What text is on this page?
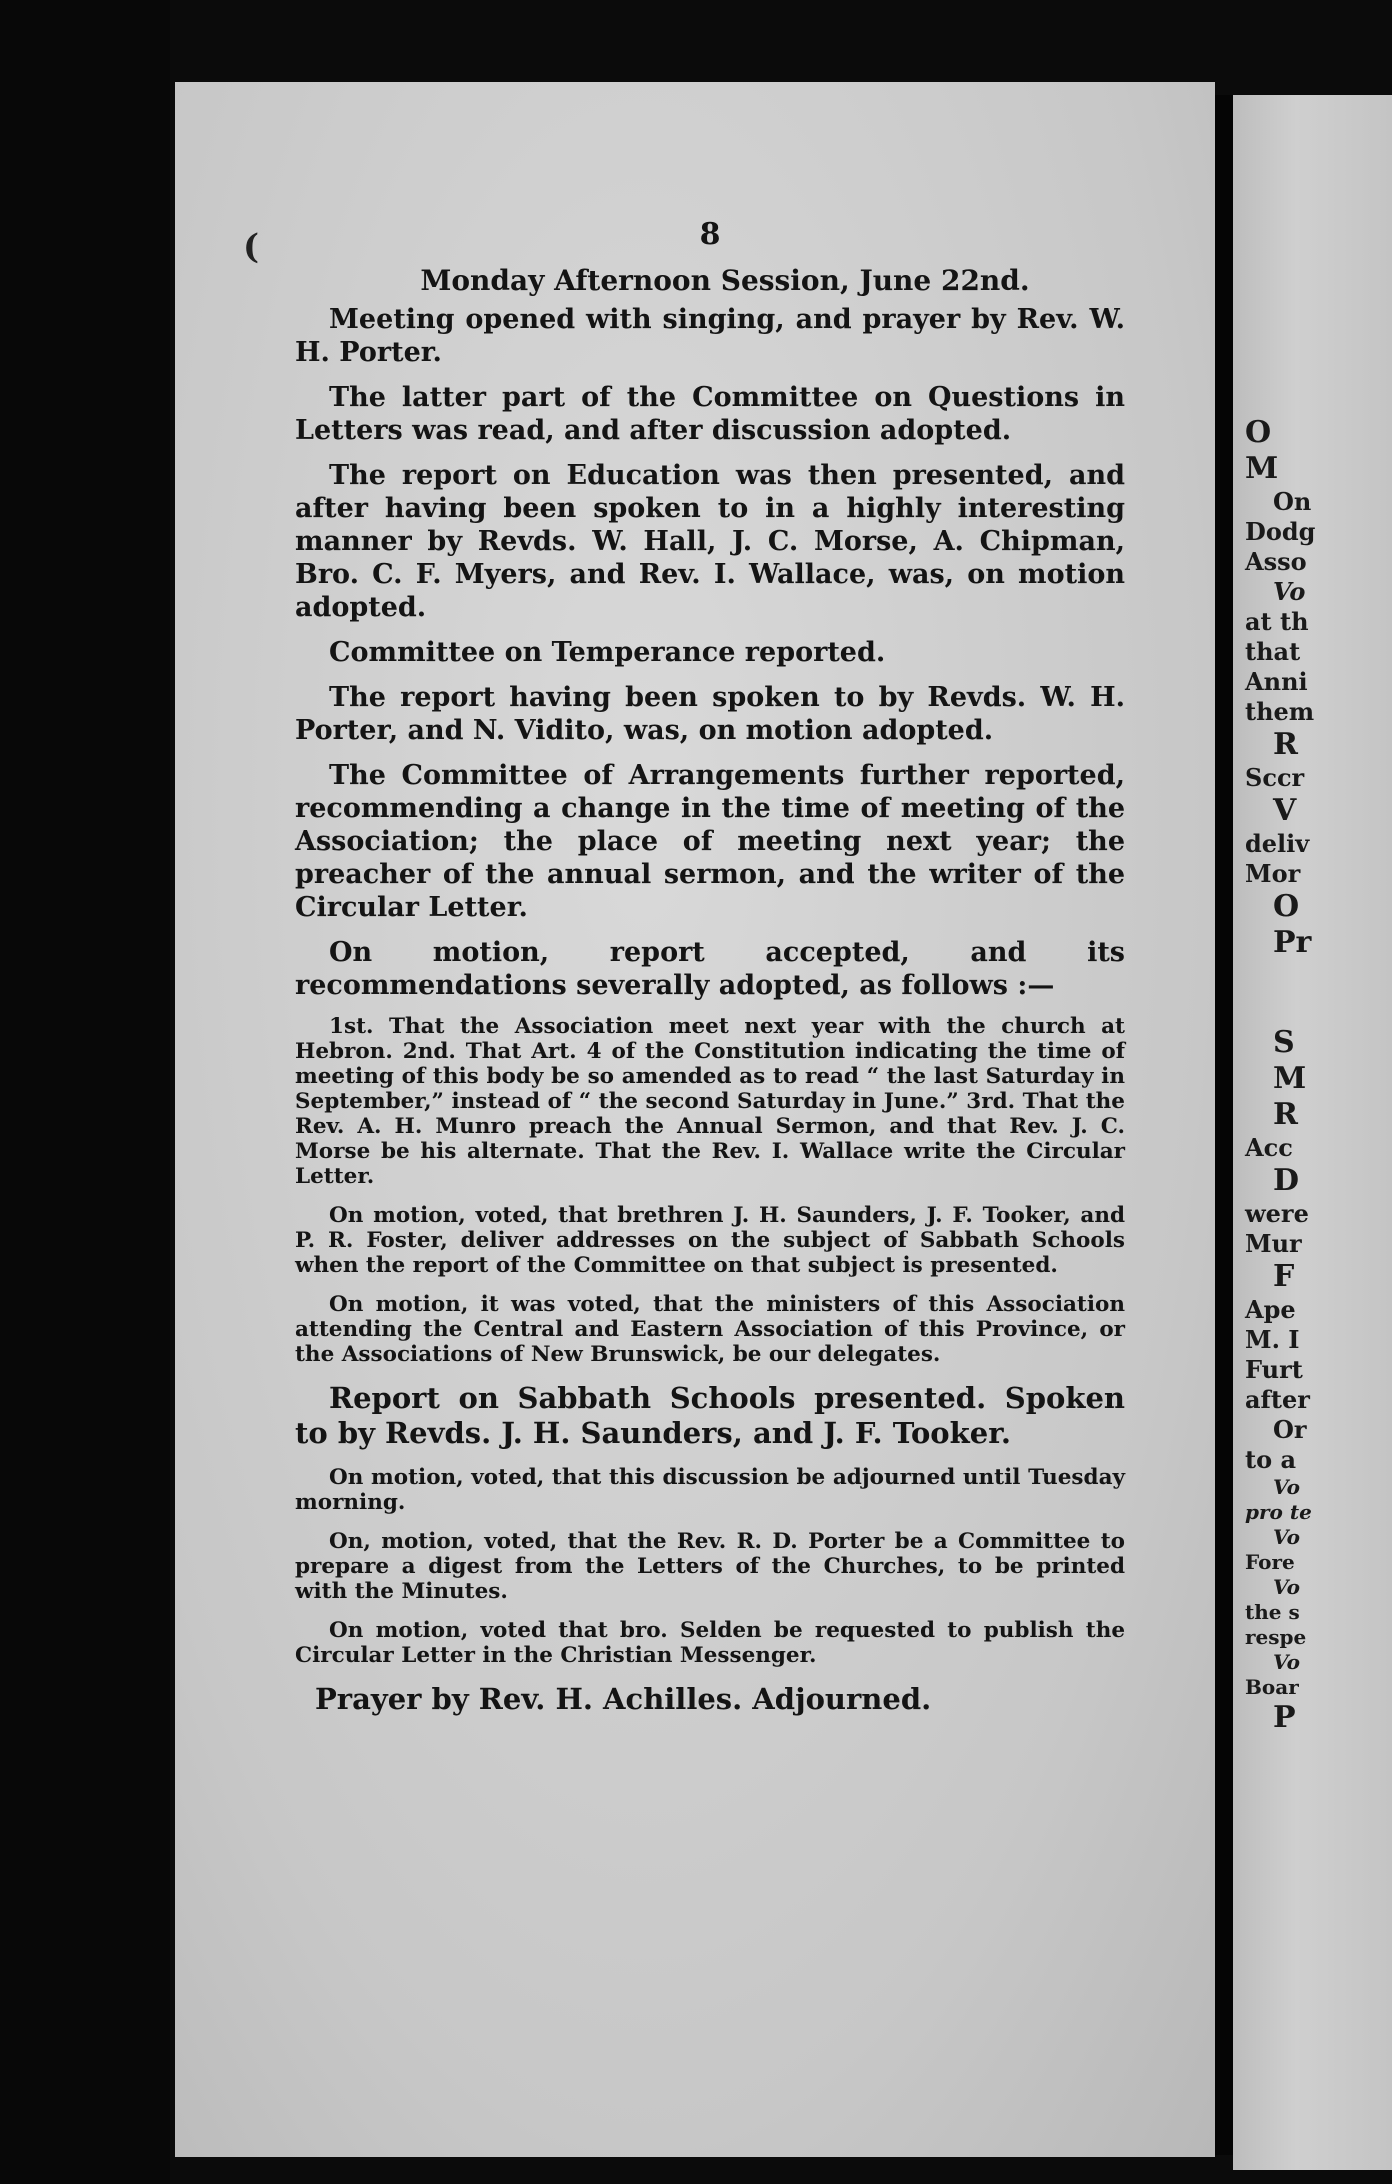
(	8
Monday Afternoon Session, June 22nd.

Meeting opened with singing, and prayer by Rev. W. H. Porter.

The latter part of the Committee on Questions in Letters was read, and after discussion adopted.

The report on Education was then presented, and after having been spoken to in a highly interesting manner by Revds. W. Hall, J. C. Morse, A. Chipman, Bro. C. F. Myers, and Rev. I. Wallace, was, on motion adopted.

Committee on Temperance reported.

The report having been spoken to by Revds. W. H. Porter, and N. Vidito, was, on motion adopted.

The Committee of Arrangements further reported, recommending a change in the time of meeting of the Association; the place of meeting next year; the preacher of the annual sermon, and the writer of the Circular Letter.

On motion, report accepted, and its recommendations severally adopted, as follows :—

1st. That the Association meet next year with the church at Hebron. 2nd. That Art. 4 of the Constitution indicating the time of meeting of this body be so amended as to read “ the last Saturday in September,” instead of “ the second Saturday in June.” 3rd. That the Rev. A. H. Munro preach the Annual Sermon, and that Rev. J. C. Morse be his alternate. That the Rev. I. Wallace write the Circular Letter.

On motion, voted, that brethren J. H. Saunders, J. F. Tooker, and P. R. Foster, deliver addresses on the subject of Sabbath Schools when the report of the Committee on that subject is presented.

On motion, it was voted, that the ministers of this Association attending the Central and Eastern Association of this Province, or the Associations of New Brunswick, be our delegates.

Report on Sabbath Schools presented. Spoken to by Revds. J. H. Saunders, and J. F. Tooker.

On motion, voted, that this discussion be adjourned until Tuesday morning.

On, motion, voted, that the Rev. R. D. Porter be a Committee to prepare a digest from the Letters of the Churches, to be printed with the Minutes.

On motion, voted that bro. Selden be requested to publish the Circular Letter in the Christian Messenger.

Prayer by Rev. H. Achilles. Adjourned.

O
M
On
Dodg
Asso
Vo
at th
that
Anni
them
R
Sccr
V
deliv
Mor
O
Pr
S
M
R
Acc
D
were
Mur
F
Ape
M. I
Furt
after
Or
to a
Vo
pro te
Vo
Fore
Vo
the s
respe
Vo
Boar
P
